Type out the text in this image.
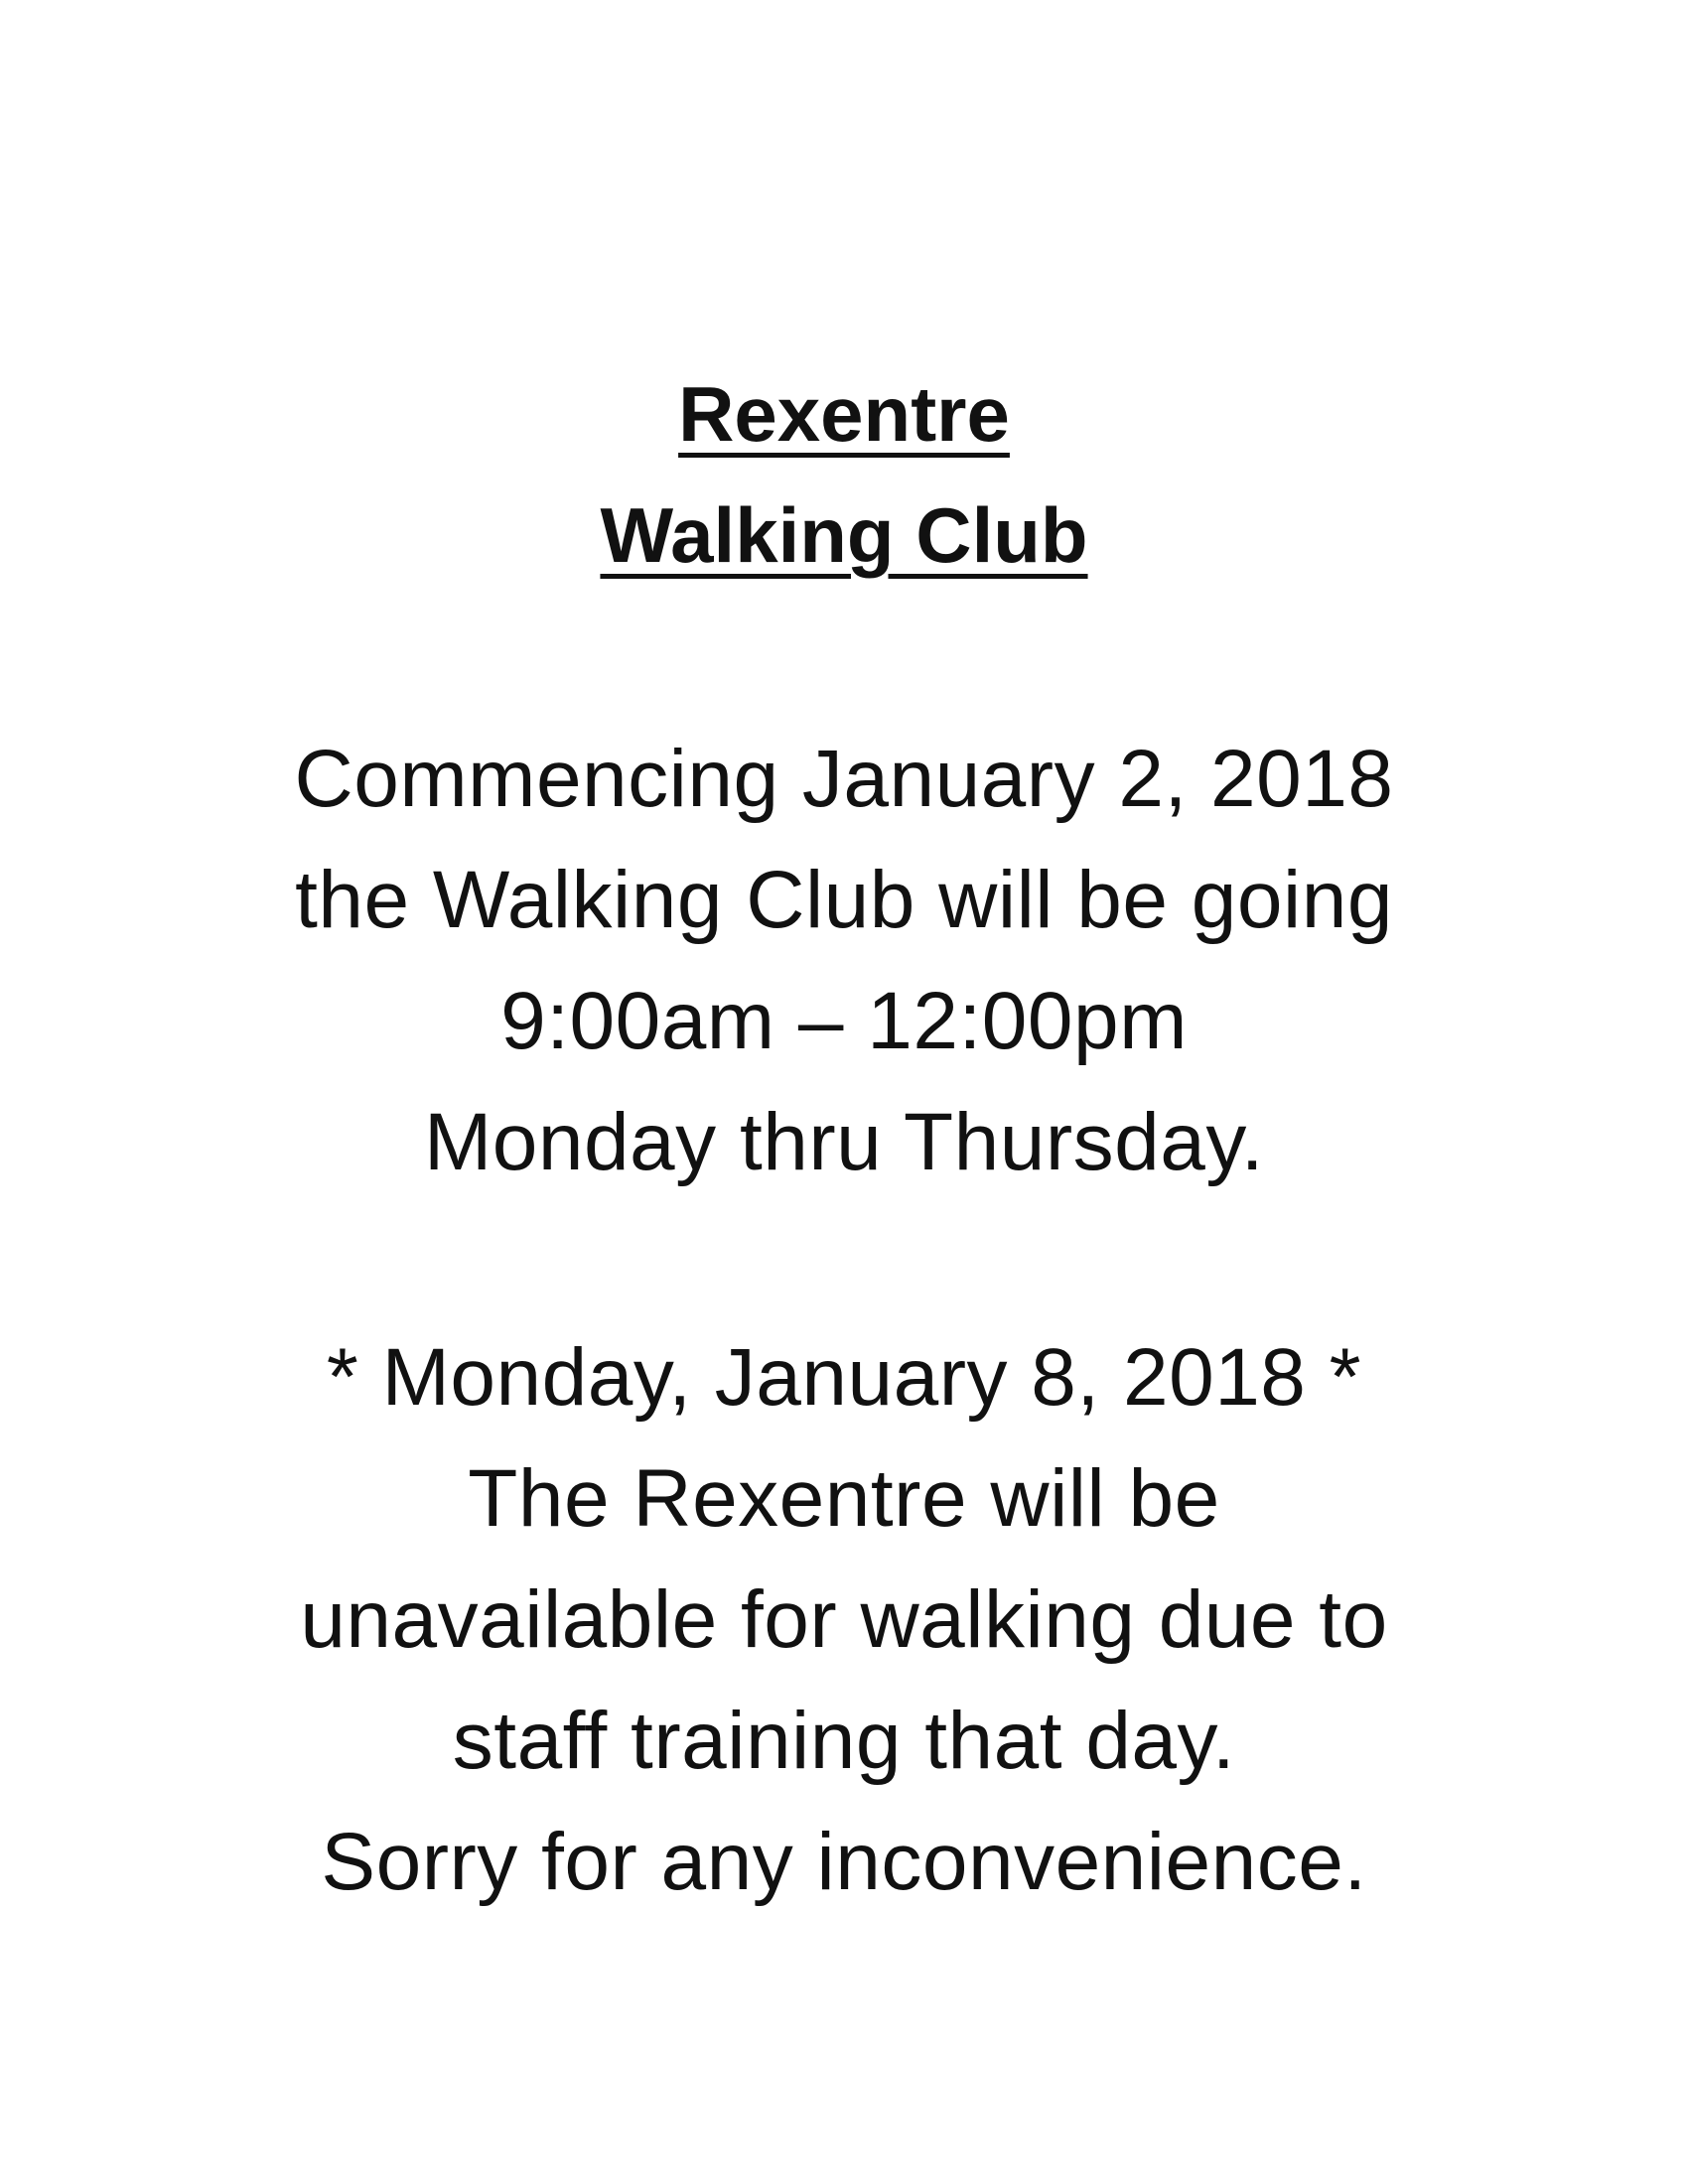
Rexentre
Walking Club

Commencing January 2, 2018

the Walking Club will be going

9:00am – 12:00pm

Monday thru Thursday.

* Monday, January 8, 2018 *

The Rexentre will be

unavailable for walking due to

staff training that day.

Sorry for any inconvenience.
